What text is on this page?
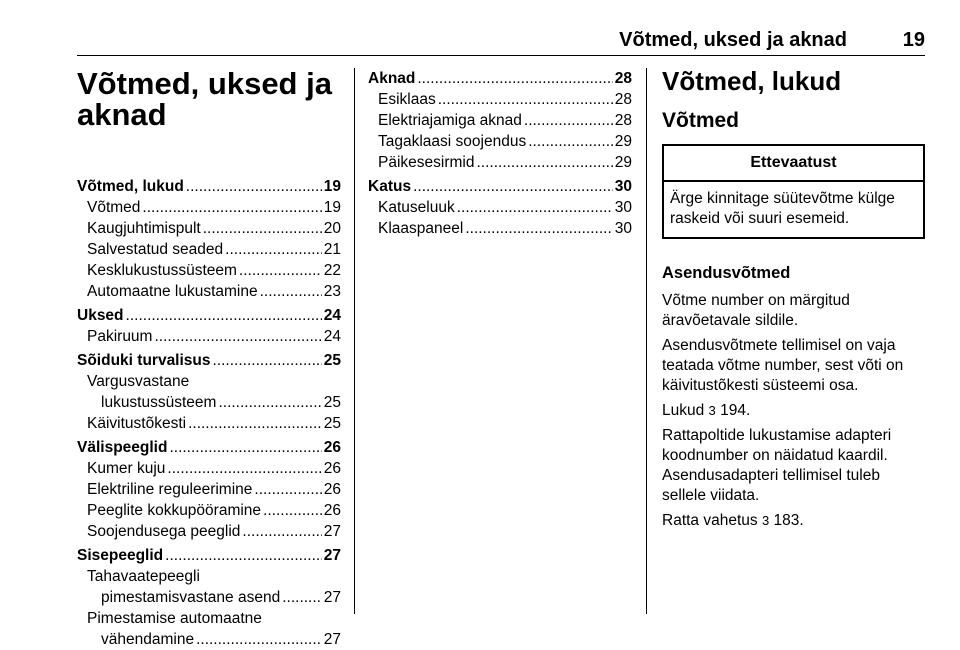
Võtmed, uksed ja aknad	19
Võtmed, uksed ja
aknad
Võtmed, lukud .....	19
Võtmed .....	19
Kaugjuhtimispult .....	20
Salvestatud seaded .....	21
Kesklukustussüsteem .....	22
Automaatne lukustamine .....	23
Uksed .....	24
Pakiruum .....	24
Sõiduki turvalisus .....	25
Vargusvastane
lukustussüsteem .....	25
Käivitustõkesti .....	25
Välispeeglid .....	26
Kumer kuju .....	26
Elektriline reguleerimine .....	26
Peeglite kokkupööramine .....	26
Soojendusega peeglid .....	27
Sisepeeglid .....	27
Tahavaatepeegli
pimestamisvastane asend .....	27
Pimestamise automaatne
vähendamine .....	27
Aknad .....	28
Esiklaas .....	28
Elektriajamiga aknad .....	28
Tagaklaasi soojendus .....	29
Päikesesirmid .....	29
Katus .....	30
Katuseluuk .....	30
Klaaspaneel .....	30
Võtmed, lukud
Võtmed
Ettevaatust
Ärge kinnitage süütevõtme külge raskeid või suuri esemeid.
Asendusvõtmed

Võtme number on märgitud äravõetavale sildile.

Asendusvõtmete tellimisel on vaja teatada võtme number, sest võti on käivitustõkesti süsteemi osa.

Lukud 3 194.

Rattapoltide lukustamise adapteri koodnumber on näidatud kaardil. Asendusadapteri tellimisel tuleb sellele viidata.

Ratta vahetus 3 183.
